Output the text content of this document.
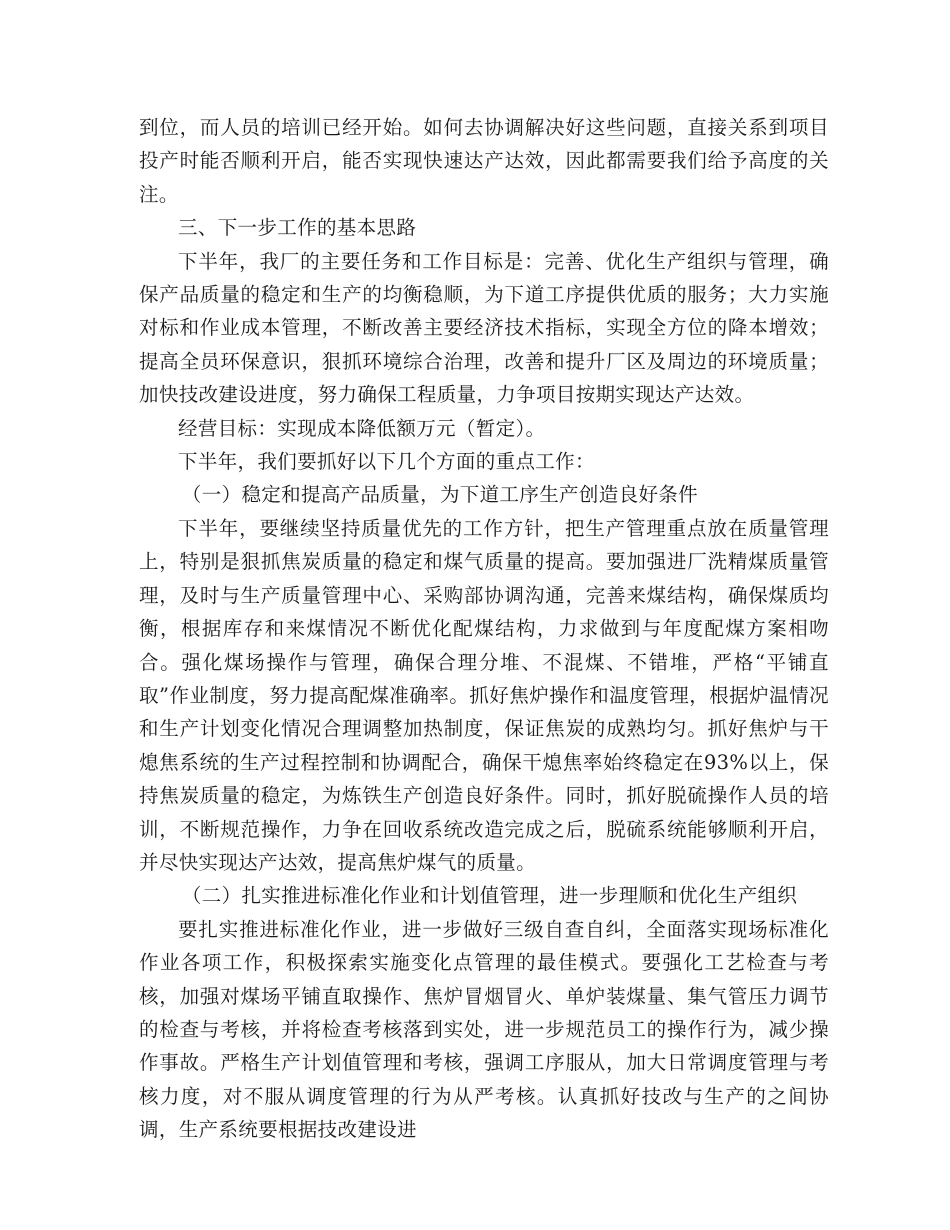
到位，而人员的培训已经开始。如何去协调解决好这些问题，直接关系到项目投产时能否顺利开启，能否实现快速达产达效，因此都需要我们给予高度的关注。

三、下一步工作的基本思路

下半年，我厂的主要任务和工作目标是：完善、优化生产组织与管理，确保产品质量的稳定和生产的均衡稳顺，为下道工序提供优质的服务；大力实施对标和作业成本管理，不断改善主要经济技术指标，实现全方位的降本增效；提高全员环保意识，狠抓环境综合治理，改善和提升厂区及周边的环境质量；加快技改建设进度，努力确保工程质量，力争项目按期实现达产达效。

经营目标：实现成本降低额万元（暂定）。

下半年，我们要抓好以下几个方面的重点工作：

（一）稳定和提高产品质量，为下道工序生产创造良好条件

下半年，要继续坚持质量优先的工作方针，把生产管理重点放在质量管理上，特别是狠抓焦炭质量的稳定和煤气质量的提高。要加强进厂洗精煤质量管理，及时与生产质量管理中心、采购部协调沟通，完善来煤结构，确保煤质均衡，根据库存和来煤情况不断优化配煤结构，力求做到与年度配煤方案相吻合。强化煤场操作与管理，确保合理分堆、不混煤、不错堆，严格“平铺直取”作业制度，努力提高配煤准确率。抓好焦炉操作和温度管理，根据炉温情况和生产计划变化情况合理调整加热制度，保证焦炭的成熟均匀。抓好焦炉与干熄焦系统的生产过程控制和协调配合，确保干熄焦率始终稳定在93%以上，保持焦炭质量的稳定，为炼铁生产创造良好条件。同时，抓好脱硫操作人员的培训，不断规范操作，力争在回收系统改造完成之后，脱硫系统能够顺利开启，并尽快实现达产达效，提高焦炉煤气的质量。

（二）扎实推进标准化作业和计划值管理，进一步理顺和优化生产组织

要扎实推进标准化作业，进一步做好三级自查自纠，全面落实现场标准化作业各项工作，积极探索实施变化点管理的最佳模式。要强化工艺检查与考核，加强对煤场平铺直取操作、焦炉冒烟冒火、单炉装煤量、集气管压力调节的检查与考核，并将检查考核落到实处，进一步规范员工的操作行为，减少操作事故。严格生产计划值管理和考核，强调工序服从，加大日常调度管理与考核力度，对不服从调度管理的行为从严考核。认真抓好技改与生产的之间协调，生产系统要根据技改建设进
